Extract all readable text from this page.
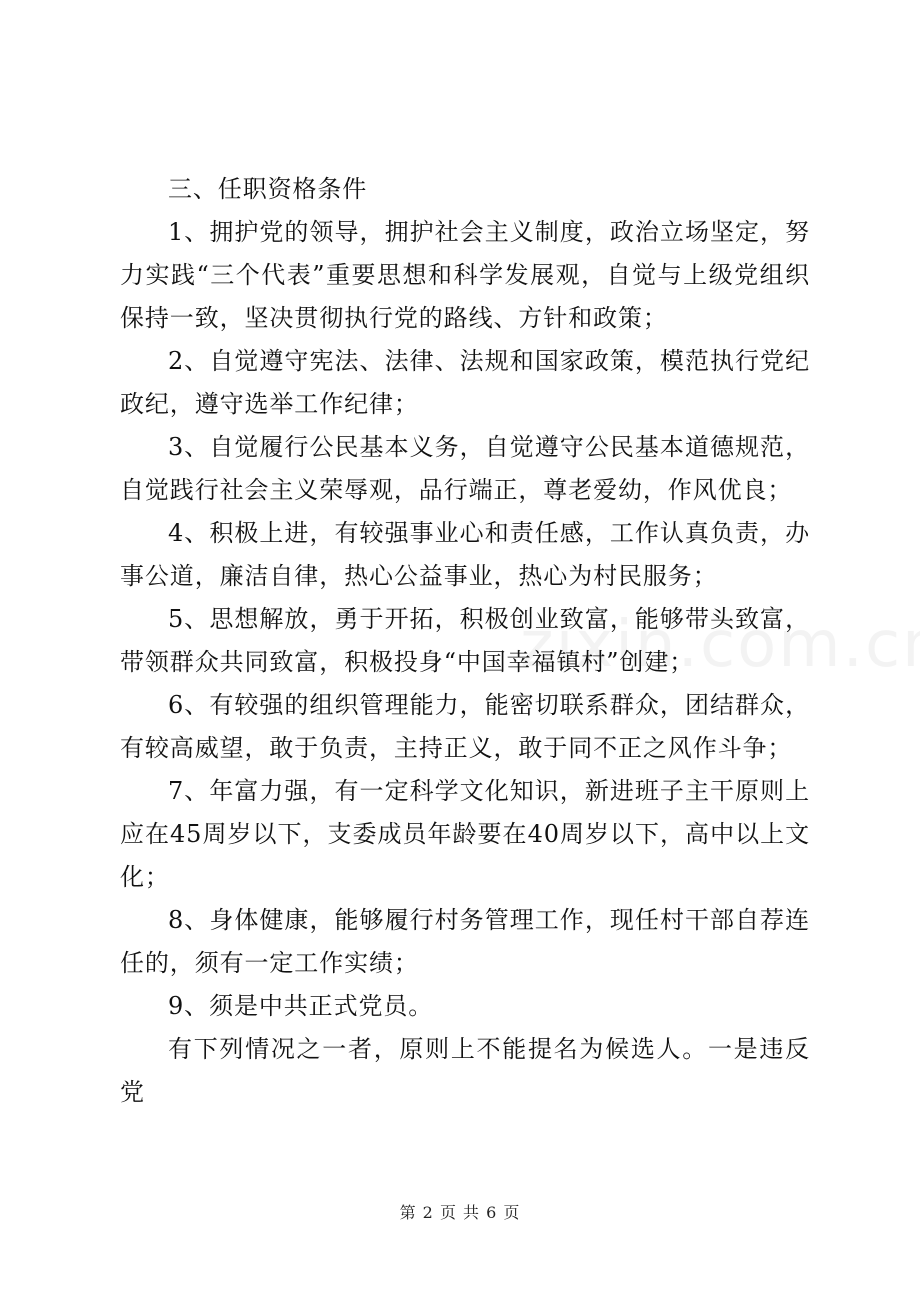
三、任职资格条件

1、拥护党的领导，拥护社会主义制度，政治立场坚定，努力实践“三个代表”重要思想和科学发展观，自觉与上级党组织保持一致，坚决贯彻执行党的路线、方针和政策；

2、自觉遵守宪法、法律、法规和国家政策，模范执行党纪政纪，遵守选举工作纪律；

3、自觉履行公民基本义务，自觉遵守公民基本道德规范，自觉践行社会主义荣辱观，品行端正，尊老爱幼，作风优良；

4、积极上进，有较强事业心和责任感，工作认真负责，办事公道，廉洁自律，热心公益事业，热心为村民服务；

5、思想解放，勇于开拓，积极创业致富，能够带头致富，带领群众共同致富，积极投身“中国幸福镇村”创建；

6、有较强的组织管理能力，能密切联系群众，团结群众，有较高威望，敢于负责，主持正义，敢于同不正之风作斗争；

7、年富力强，有一定科学文化知识，新进班子主干原则上应在45周岁以下，支委成员年龄要在40周岁以下，高中以上文化；

8、身体健康，能够履行村务管理工作，现任村干部自荐连任的，须有一定工作实绩；

9、须是中共正式党员。

有下列情况之一者，原则上不能提名为候选人。一是违反党

第 2 页 共 6 页
